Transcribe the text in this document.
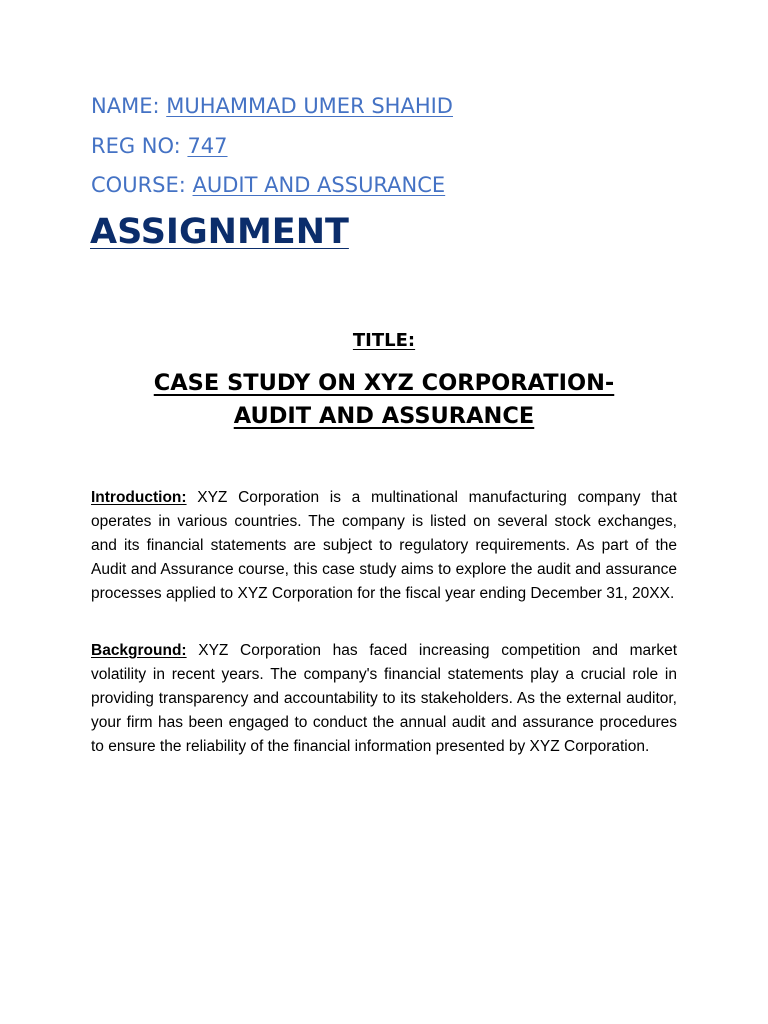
NAME: MUHAMMAD UMER SHAHID
REG NO: 747
COURSE: AUDIT AND ASSURANCE
ASSIGNMENT
TITLE:
CASE STUDY ON XYZ CORPORATION-
AUDIT AND ASSURANCE

Introduction: XYZ Corporation is a multinational manufacturing company that operates in various countries. The company is listed on several stock exchanges, and its financial statements are subject to regulatory requirements. As part of the Audit and Assurance course, this case study aims to explore the audit and assurance processes applied to XYZ Corporation for the fiscal year ending December 31, 20XX.

Background: XYZ Corporation has faced increasing competition and market volatility in recent years. The company's financial statements play a crucial role in providing transparency and accountability to its stakeholders. As the external auditor, your firm has been engaged to conduct the annual audit and assurance procedures to ensure the reliability of the financial information presented by XYZ Corporation.
